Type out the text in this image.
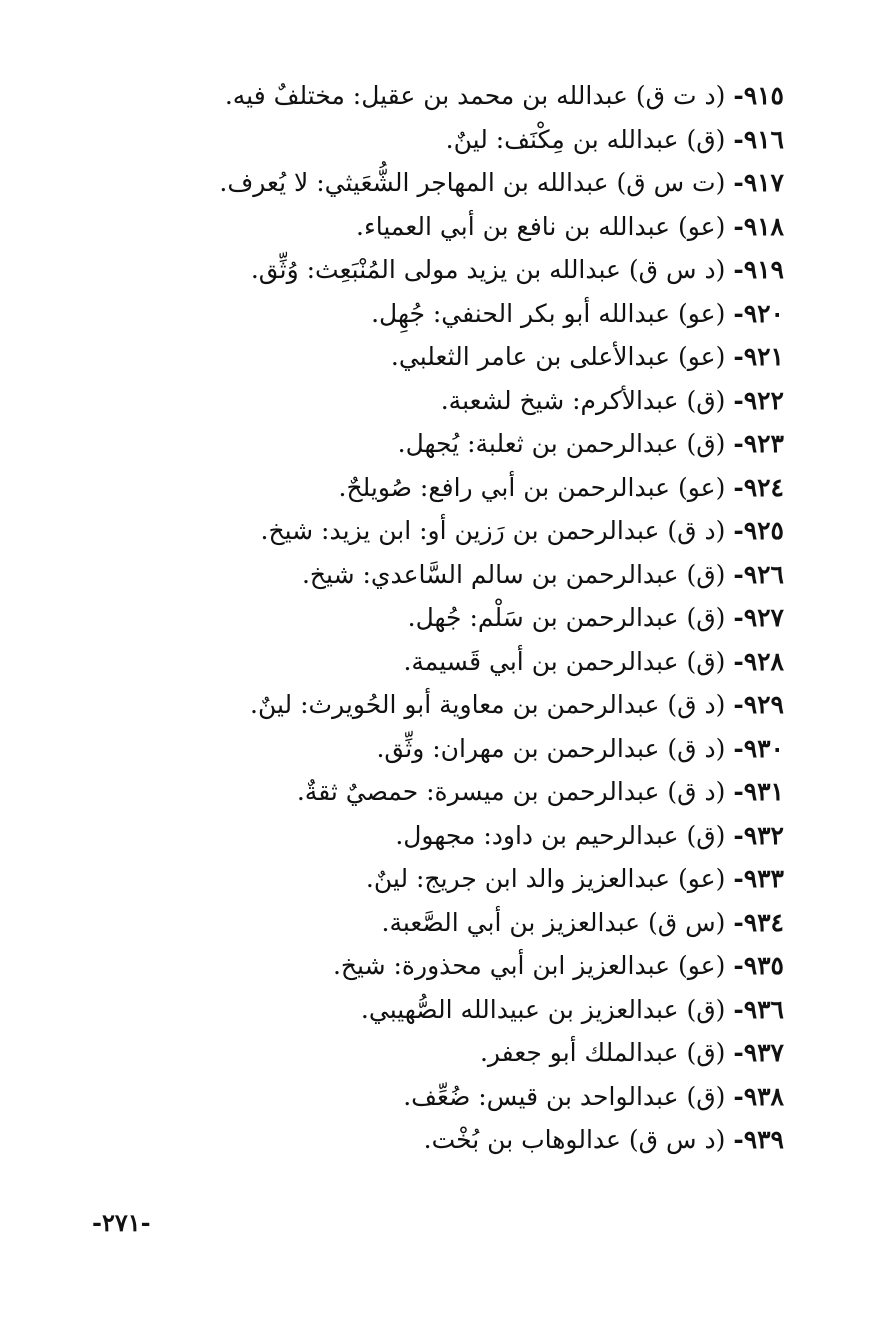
٩١٥- (د ت ق) عبدالله بن محمد بن عقيل: مختلفٌ فيه.
٩١٦- (ق) عبدالله بن مِكْنَف: لينٌ.
٩١٧- (ت س ق) عبدالله بن المهاجر الشُّعَيثي: لا يُعرف.
٩١٨- (عو) عبدالله بن نافع بن أبي العمياء.
٩١٩- (د س ق) عبدالله بن يزيد مولى المُنْبَعِث: وُثِّق.
٩٢٠- (عو) عبدالله أبو بكر الحنفي: جُهِل.
٩٢١- (عو) عبدالأعلى بن عامر الثعلبي.
٩٢٢- (ق) عبدالأكرم: شيخ لشعبة.
٩٢٣- (ق) عبدالرحمن بن ثعلبة: يُجهل.
٩٢٤- (عو) عبدالرحمن بن أبي رافع: صُويلحٌ.
٩٢٥- (د ق) عبدالرحمن بن رَزين أو: ابن يزيد: شيخ.
٩٢٦- (ق) عبدالرحمن بن سالم السَّاعدي: شيخ.
٩٢٧- (ق) عبدالرحمن بن سَلْم: جُهل.
٩٢٨- (ق) عبدالرحمن بن أبي قَسيمة.
٩٢٩- (د ق) عبدالرحمن بن معاوية أبو الحُويرث: لينٌ.
٩٣٠- (د ق) عبدالرحمن بن مهران: وثِّق.
٩٣١- (د ق) عبدالرحمن بن ميسرة: حمصيٌ ثقةٌ.
٩٣٢- (ق) عبدالرحيم بن داود: مجهول.
٩٣٣- (عو) عبدالعزيز والد ابن جريج: لينٌ.
٩٣٤- (س ق) عبدالعزيز بن أبي الصَّعبة.
٩٣٥- (عو) عبدالعزيز ابن أبي محذورة: شيخ.
٩٣٦- (ق) عبدالعزيز بن عبيدالله الصُّهيبي.
٩٣٧- (ق) عبدالملك أبو جعفر.
٩٣٨- (ق) عبدالواحد بن قيس: ضُعِّف.
٩٣٩- (د س ق) عدالوهاب بن بُخْت.
-٢٧١-
